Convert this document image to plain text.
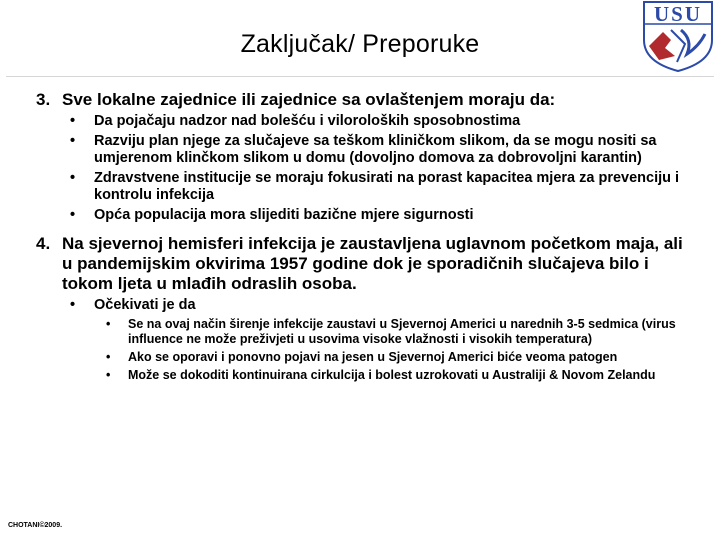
Zaključak/ Preporuke
USU
3. Sve lokalne zajednice ili zajednice sa ovlaštenjem moraju da:
• Da pojačaju nadzor nad bolešću i viloroloških sposobnostima
• Razviju plan njege za slučajeve sa teškom kliničkom slikom, da se mogu nositi sa umjerenom klinčkom slikom u domu (dovoljno domova za dobrovoljni karantin)
• Zdravstvene institucije se moraju fokusirati na porast kapacitea mjera za prevenciju i kontrolu infekcija
• Opća populacija mora slijediti bazične mjere sigurnosti
4. Na sjevernoj hemisferi infekcija je zaustavljena uglavnom početkom maja, ali u pandemijskim okvirima 1957 godine dok je sporadičnih slučajeva bilo i tokom ljeta u mlađih odraslih osoba.
• Očekivati je da
• Se na ovaj način širenje infekcije zaustavi u Sjevernoj Americi u narednih 3-5 sedmica (virus influence ne može preživjeti u usovima visoke vlažnosti i visokih temperatura)
• Ako se oporavi i ponovno pojavi na jesen u Sjevernoj Americi biće veoma patogen
• Može se dokoditi kontinuirana cirkulcija i bolest uzrokovati u Australiji & Novom Zelandu
CHOTANI©2009.
